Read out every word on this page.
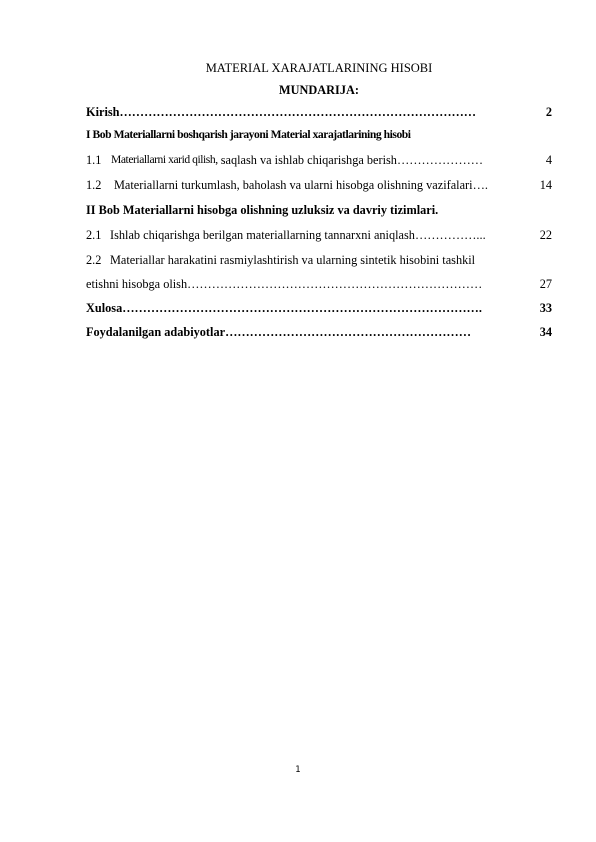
MATERIAL XARAJATLARINING HISOBI
MUNDARIJA:
Kirish ……………………………………………………………………………	2
I Bob Materiallarni boshqarish jarayoni Material xarajatlarining hisobi
1.1 Materiallarni xarid qilish, saqlash va ishlab chiqarishga berish …………………	4
1.2	Materiallarni turkumlash, baholash va ularni hisobga olishning vazifalari ….	14
II Bob Materiallarni hisobga olishning uzluksiz va davriy tizimlari.
2.1 Ishlab chiqarishga berilgan materiallarning tannarxni aniqlash ……………...	22
2.2 Materiallar harakatini rasmiylashtirish va ularning sintetik hisobini tashkil
etishni hisobga olish ………………………………………………………………	27
Xulosa …………………………………………………………………………….	33
Foydalanilgan adabiyotlar ……………………………………………………	34
1
